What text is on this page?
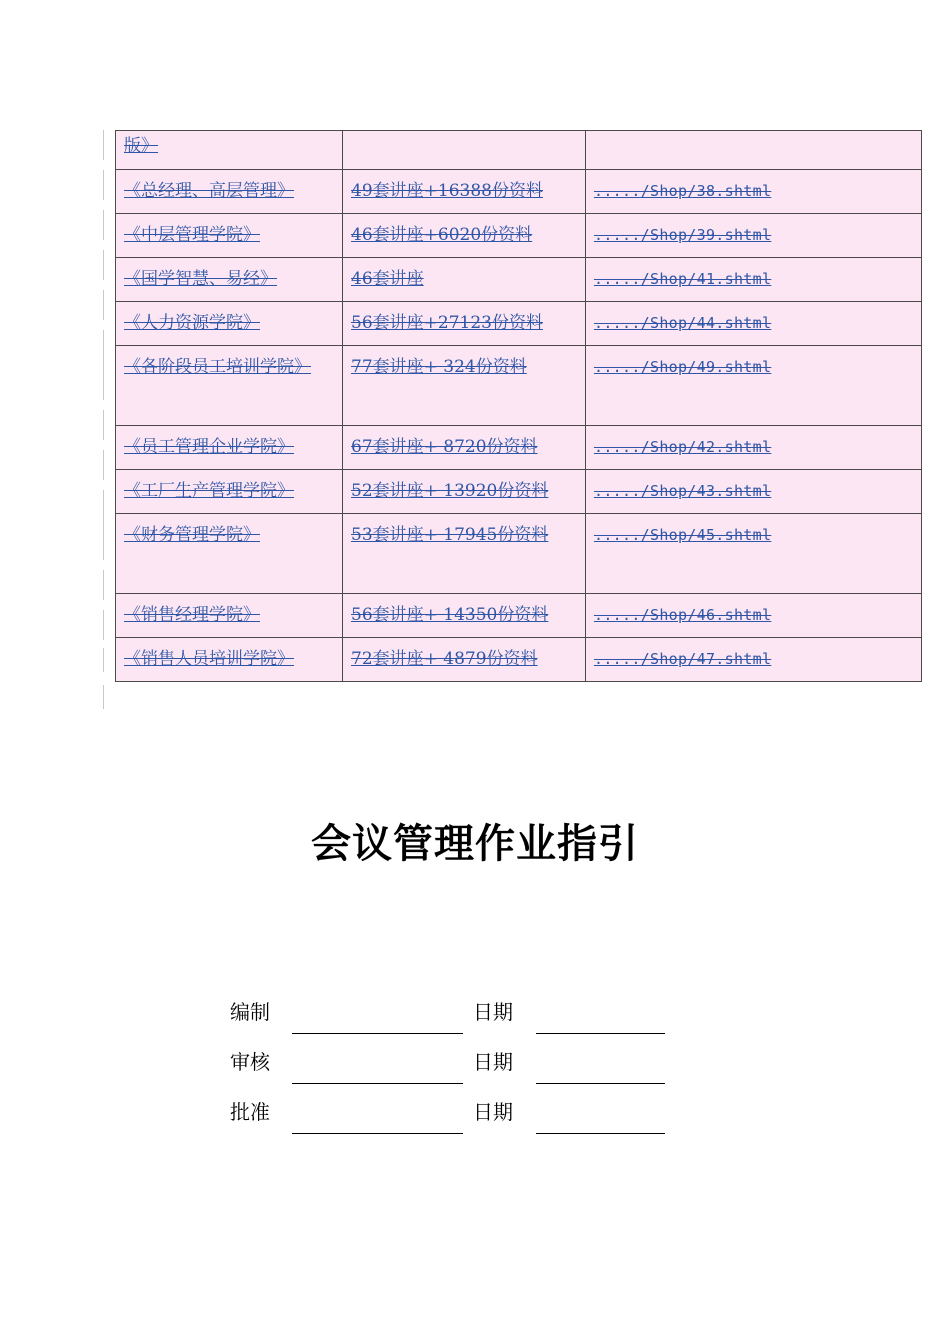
版》		
《总经理、高层管理》	49套讲座+16388份资料	...../Shop/38.shtml
《中层管理学院》	46套讲座+6020份资料	...../Shop/39.shtml
《国学智慧、易经》	46套讲座	...../Shop/41.shtml
《人力资源学院》	56套讲座+27123份资料	...../Shop/44.shtml
《各阶段员工培训学院》	77套讲座+ 324份资料	...../Shop/49.shtml
《员工管理企业学院》	67套讲座+ 8720份资料	...../Shop/42.shtml
《工厂生产管理学院》	52套讲座+ 13920份资料	...../Shop/43.shtml
《财务管理学院》	53套讲座+ 17945份资料	...../Shop/45.shtml
《销售经理学院》	56套讲座+ 14350份资料	...../Shop/46.shtml
《销售人员培训学院》	72套讲座+ 4879份资料	...../Shop/47.shtml
会议管理作业指引
编制	日期
审核	日期
批准	日期
